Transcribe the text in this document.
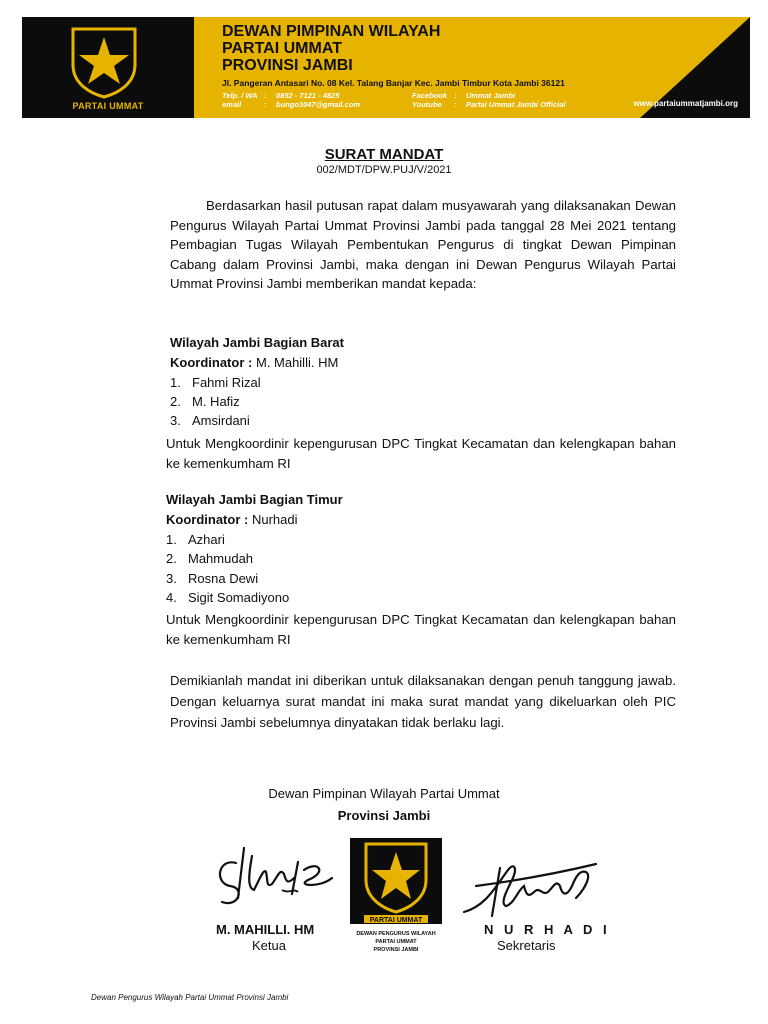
PARTAI UMMAT
DEWAN PIMPINAN WILAYAH
PARTAI UMMAT
PROVINSI JAMBI
Jl. Pangeran Antasari No. 08 Kel. Talang Banjar Kec. Jambi Timbur Kota Jambi 36121
Telp. / WA : 0852 - 7121 - 4825
email	: bungo3047@gmail.com
Facebook : Ummat Jambi
Youtube : Partai Ummat Jambi Official	www.partaiummatjambi.org
SURAT MANDAT
002/MDT/DPW.PUJ/V/2021
Berdasarkan hasil putusan rapat dalam musyawarah yang dilaksanakan Dewan Pengurus Wilayah Partai Ummat Provinsi Jambi pada tanggal 28 Mei 2021 tentang Pembagian Tugas Wilayah Pembentukan Pengurus di tingkat Dewan Pimpinan Cabang dalam Provinsi Jambi, maka dengan ini Dewan Pengurus Wilayah Partai Ummat Provinsi Jambi memberikan mandat kepada:
Wilayah Jambi Bagian Barat
Koordinator : M. Mahilli. HM
1. Fahmi Rizal
2. M. Hafiz
3. Amsirdani
Untuk Mengkoordinir kepengurusan DPC Tingkat Kecamatan dan kelengkapan bahan ke kemenkumham RI
Wilayah Jambi Bagian Timur
Koordinator : Nurhadi
1. Azhari
2. Mahmudah
3. Rosna Dewi
4. Sigit Somadiyono
Untuk Mengkoordinir kepengurusan DPC Tingkat Kecamatan dan kelengkapan bahan ke kemenkumham RI
Demikianlah mandat ini diberikan untuk dilaksanakan dengan penuh tanggung jawab. Dengan keluarnya surat mandat ini maka surat mandat yang dikeluarkan oleh PIC Provinsi Jambi sebelumnya dinyatakan tidak berlaku lagi.
Dewan Pimpinan Wilayah Partai Ummat
Provinsi Jambi
PARTAI UMMAT
DEWAN PENGURUS WILAYAH
PARTAI UMMAT
PROVINSI JAMBI
M. MAHILLI. HM
Ketua
N U R H A D I
Sekretaris
Dewan Pengurus Wilayah Partai Ummat Provinsi Jambi
